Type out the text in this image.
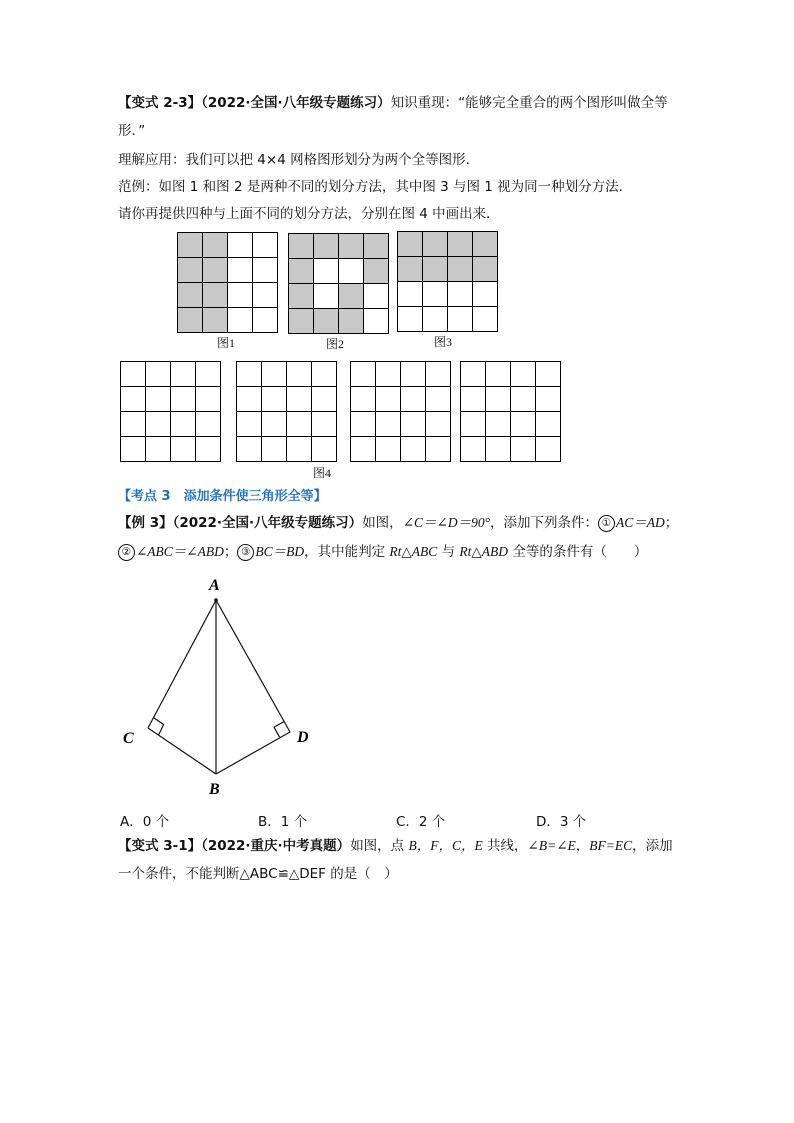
【变式 2-3】（2022·全国·八年级专题练习）知识重现：“能够完全重合的两个图形叫做全等
形．”
理解应用：我们可以把 4×4 网格图形划分为两个全等图形．
范例：如图 1 和图 2 是两种不同的划分方法，其中图 3 与图 1 视为同一种划分方法．
请你再提供四种与上面不同的划分方法，分别在图 4 中画出来．
图1	图2	图3
图4
【考点 3　添加条件使三角形全等】
【例 3】（2022·全国·八年级专题练习）如图，∠C＝∠D＝90°，添加下列条件： ① AC＝AD；
② ∠ABC＝∠ABD； ③ BC＝BD，其中能判定 Rt△ABC 与 Rt△ABD 全等的条件有（　　）
A
C	D
B
A．0 个	B．1 个	C．2 个	D．3 个
【变式 3-1】（2022·重庆·中考真题）如图，点 B，F，C，E 共线，∠B=∠E，BF=EC，添加
一个条件，不能判断△ABC≌△DEF 的是（　）
